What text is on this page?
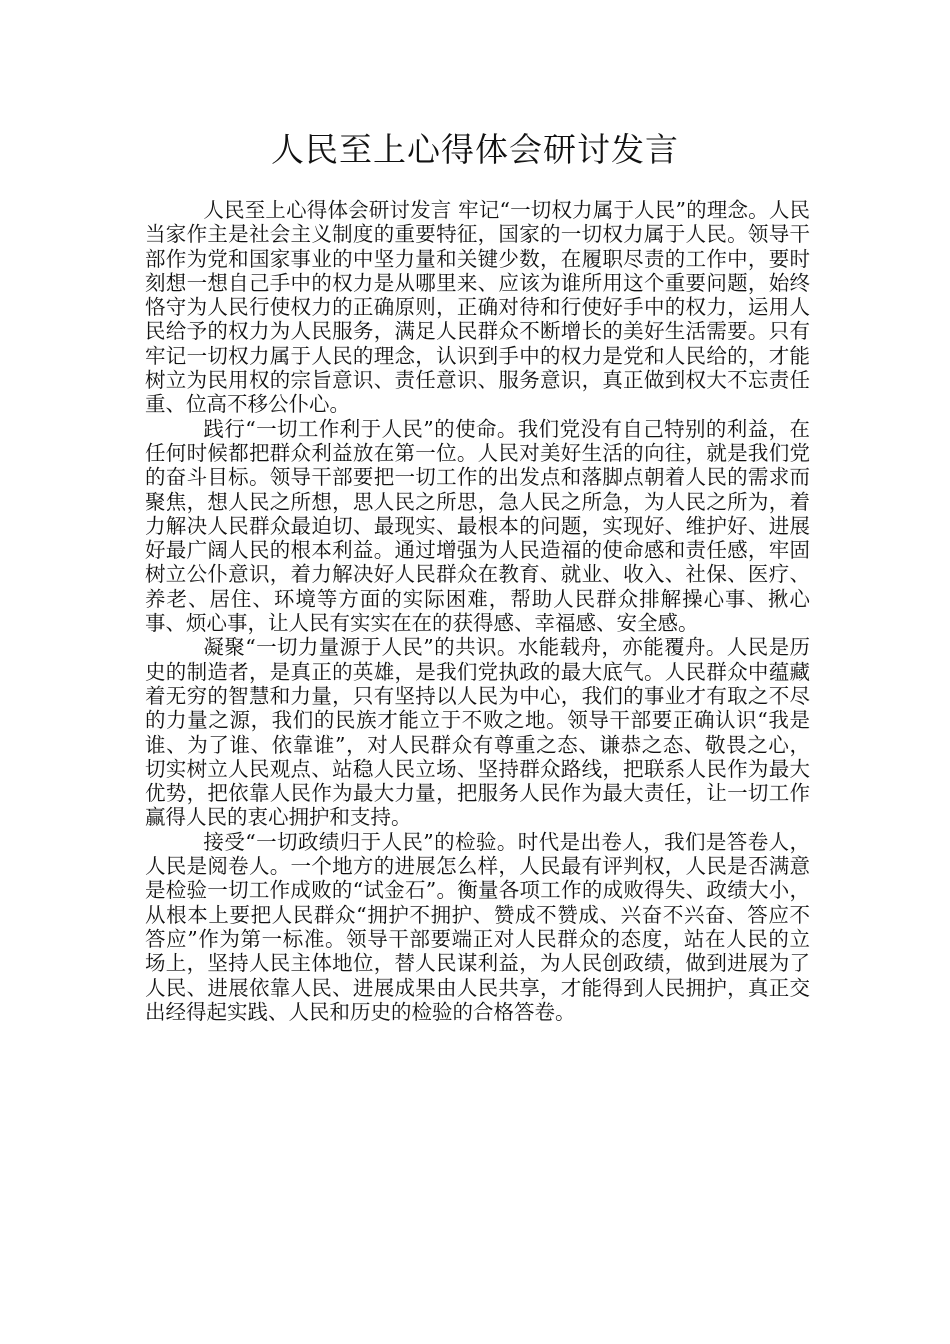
人民至上心得体会研讨发言

人民至上心得体会研讨发言 牢记“一切权力属于人民”的理念。人民当家作主是社会主义制度的重要特征，国家的一切权力属于人民。领导干部作为党和国家事业的中坚力量和关键少数，在履职尽责的工作中，要时刻想一想自己手中的权力是从哪里来、应该为谁所用这个重要问题，始终恪守为人民行使权力的正确原则，正确对待和行使好手中的权力，运用人民给予的权力为人民服务，满足人民群众不断增长的美好生活需要。只有牢记一切权力属于人民的理念，认识到手中的权力是党和人民给的，才能树立为民用权的宗旨意识、责任意识、服务意识，真正做到权大不忘责任重、位高不移公仆心。

践行“一切工作利于人民”的使命。我们党没有自己特别的利益，在任何时候都把群众利益放在第一位。人民对美好生活的向往，就是我们党的奋斗目标。领导干部要把一切工作的出发点和落脚点朝着人民的需求而聚焦，想人民之所想，思人民之所思，急人民之所急，为人民之所为，着力解决人民群众最迫切、最现实、最根本的问题，实现好、维护好、进展好最广阔人民的根本利益。通过增强为人民造福的使命感和责任感，牢固树立公仆意识，着力解决好人民群众在教育、就业、收入、社保、医疗、养老、居住、环境等方面的实际困难，帮助人民群众排解操心事、揪心事、烦心事，让人民有实实在在的获得感、幸福感、安全感。

凝聚“一切力量源于人民”的共识。水能载舟，亦能覆舟。人民是历史的制造者，是真正的英雄，是我们党执政的最大底气。人民群众中蕴藏着无穷的智慧和力量，只有坚持以人民为中心，我们的事业才有取之不尽的力量之源，我们的民族才能立于不败之地。领导干部要正确认识“我是谁、为了谁、依靠谁”，对人民群众有尊重之态、谦恭之态、敬畏之心，切实树立人民观点、站稳人民立场、坚持群众路线，把联系人民作为最大优势，把依靠人民作为最大力量，把服务人民作为最大责任，让一切工作赢得人民的衷心拥护和支持。

接受“一切政绩归于人民”的检验。时代是出卷人，我们是答卷人，人民是阅卷人。一个地方的进展怎么样，人民最有评判权，人民是否满意是检验一切工作成败的“试金石”。衡量各项工作的成败得失、政绩大小，从根本上要把人民群众“拥护不拥护、赞成不赞成、兴奋不兴奋、答应不答应”作为第一标准。领导干部要端正对人民群众的态度，站在人民的立场上，坚持人民主体地位，替人民谋利益，为人民创政绩，做到进展为了人民、进展依靠人民、进展成果由人民共享，才能得到人民拥护，真正交出经得起实践、人民和历史的检验的合格答卷。
